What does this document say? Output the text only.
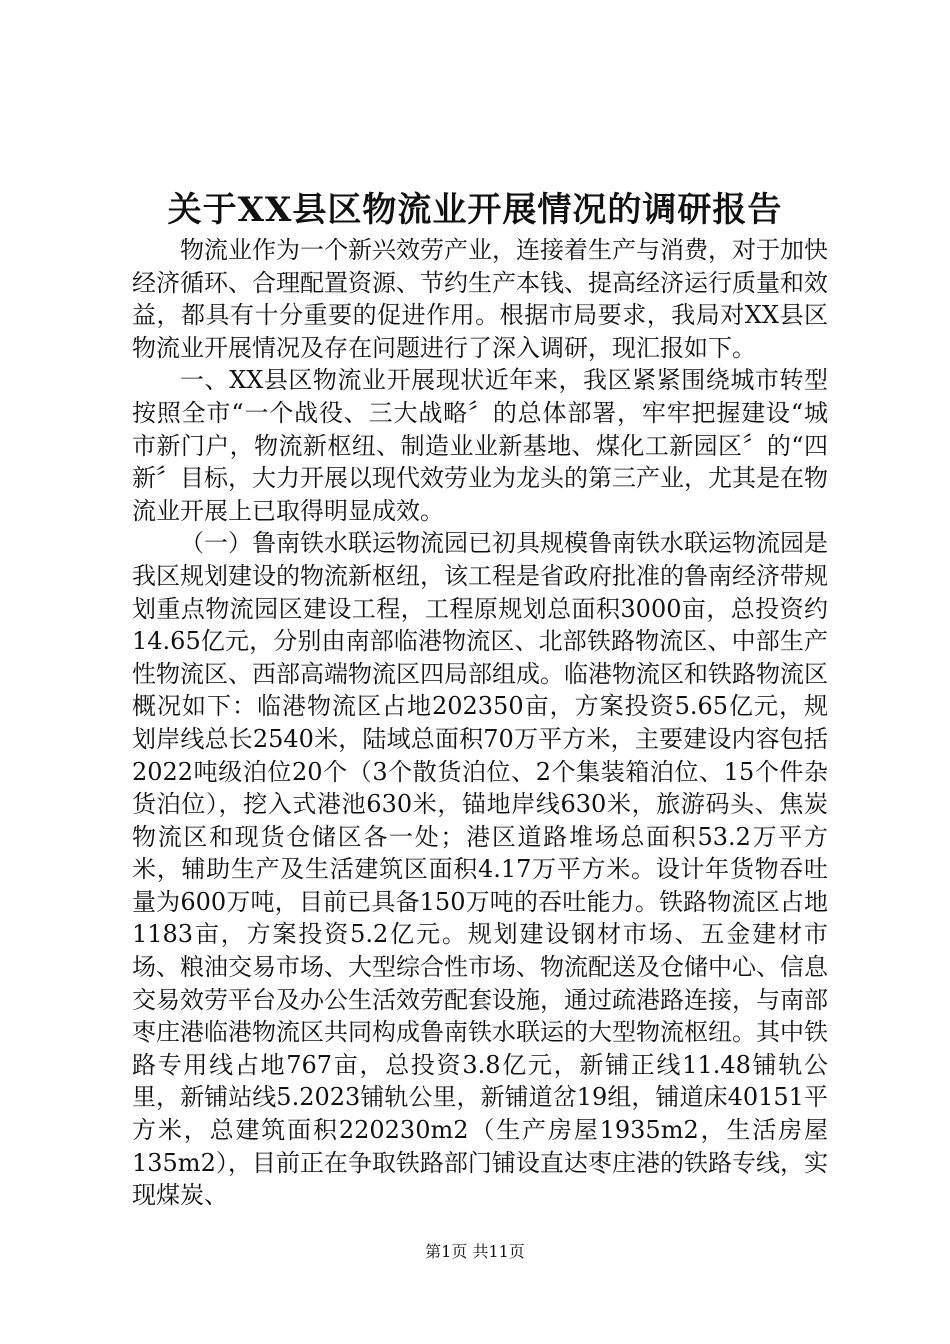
关于XX县区物流业开展情况的调研报告

物流业作为一个新兴效劳产业，连接着生产与消费，对于加快经济循环、合理配置资源、节约生产本钱、提高经济运行质量和效益，都具有十分重要的促进作用。根据市局要求，我局对XX县区物流业开展情况及存在问题进行了深入调研，现汇报如下。

一、XX县区物流业开展现状近年来，我区紧紧围绕城市转型按照全市“一个战役、三大战略〞的总体部署，牢牢把握建设“城市新门户，物流新枢纽、制造业业新基地、煤化工新园区〞的“四新〞目标，大力开展以现代效劳业为龙头的第三产业，尤其是在物流业开展上已取得明显成效。

（一）鲁南铁水联运物流园已初具规模鲁南铁水联运物流园是我区规划建设的物流新枢纽，该工程是省政府批准的鲁南经济带规划重点物流园区建设工程，工程原规划总面积3000亩，总投资约14.65亿元，分别由南部临港物流区、北部铁路物流区、中部生产性物流区、西部高端物流区四局部组成。临港物流区和铁路物流区概况如下：临港物流区占地202350亩，方案投资5.65亿元，规划岸线总长2540米，陆域总面积70万平方米，主要建设内容包括2022吨级泊位20个（3个散货泊位、2个集装箱泊位、15个件杂货泊位），挖入式港池630米，锚地岸线630米，旅游码头、焦炭物流区和现货仓储区各一处；港区道路堆场总面积53.2万平方米，辅助生产及生活建筑区面积4.17万平方米。设计年货物吞吐量为600万吨，目前已具备150万吨的吞吐能力。铁路物流区占地1183亩，方案投资5.2亿元。规划建设钢材市场、五金建材市场、粮油交易市场、大型综合性市场、物流配送及仓储中心、信息交易效劳平台及办公生活效劳配套设施，通过疏港路连接，与南部枣庄港临港物流区共同构成鲁南铁水联运的大型物流枢纽。其中铁路专用线占地767亩，总投资3.8亿元，新铺正线11.48铺轨公里，新铺站线5.2023铺轨公里，新铺道岔19组，铺道床40151平方米，总建筑面积220230m2（生产房屋1935m2，生活房屋135m2），目前正在争取铁路部门铺设直达枣庄港的铁路专线，实现煤炭、

第1页 共11页
